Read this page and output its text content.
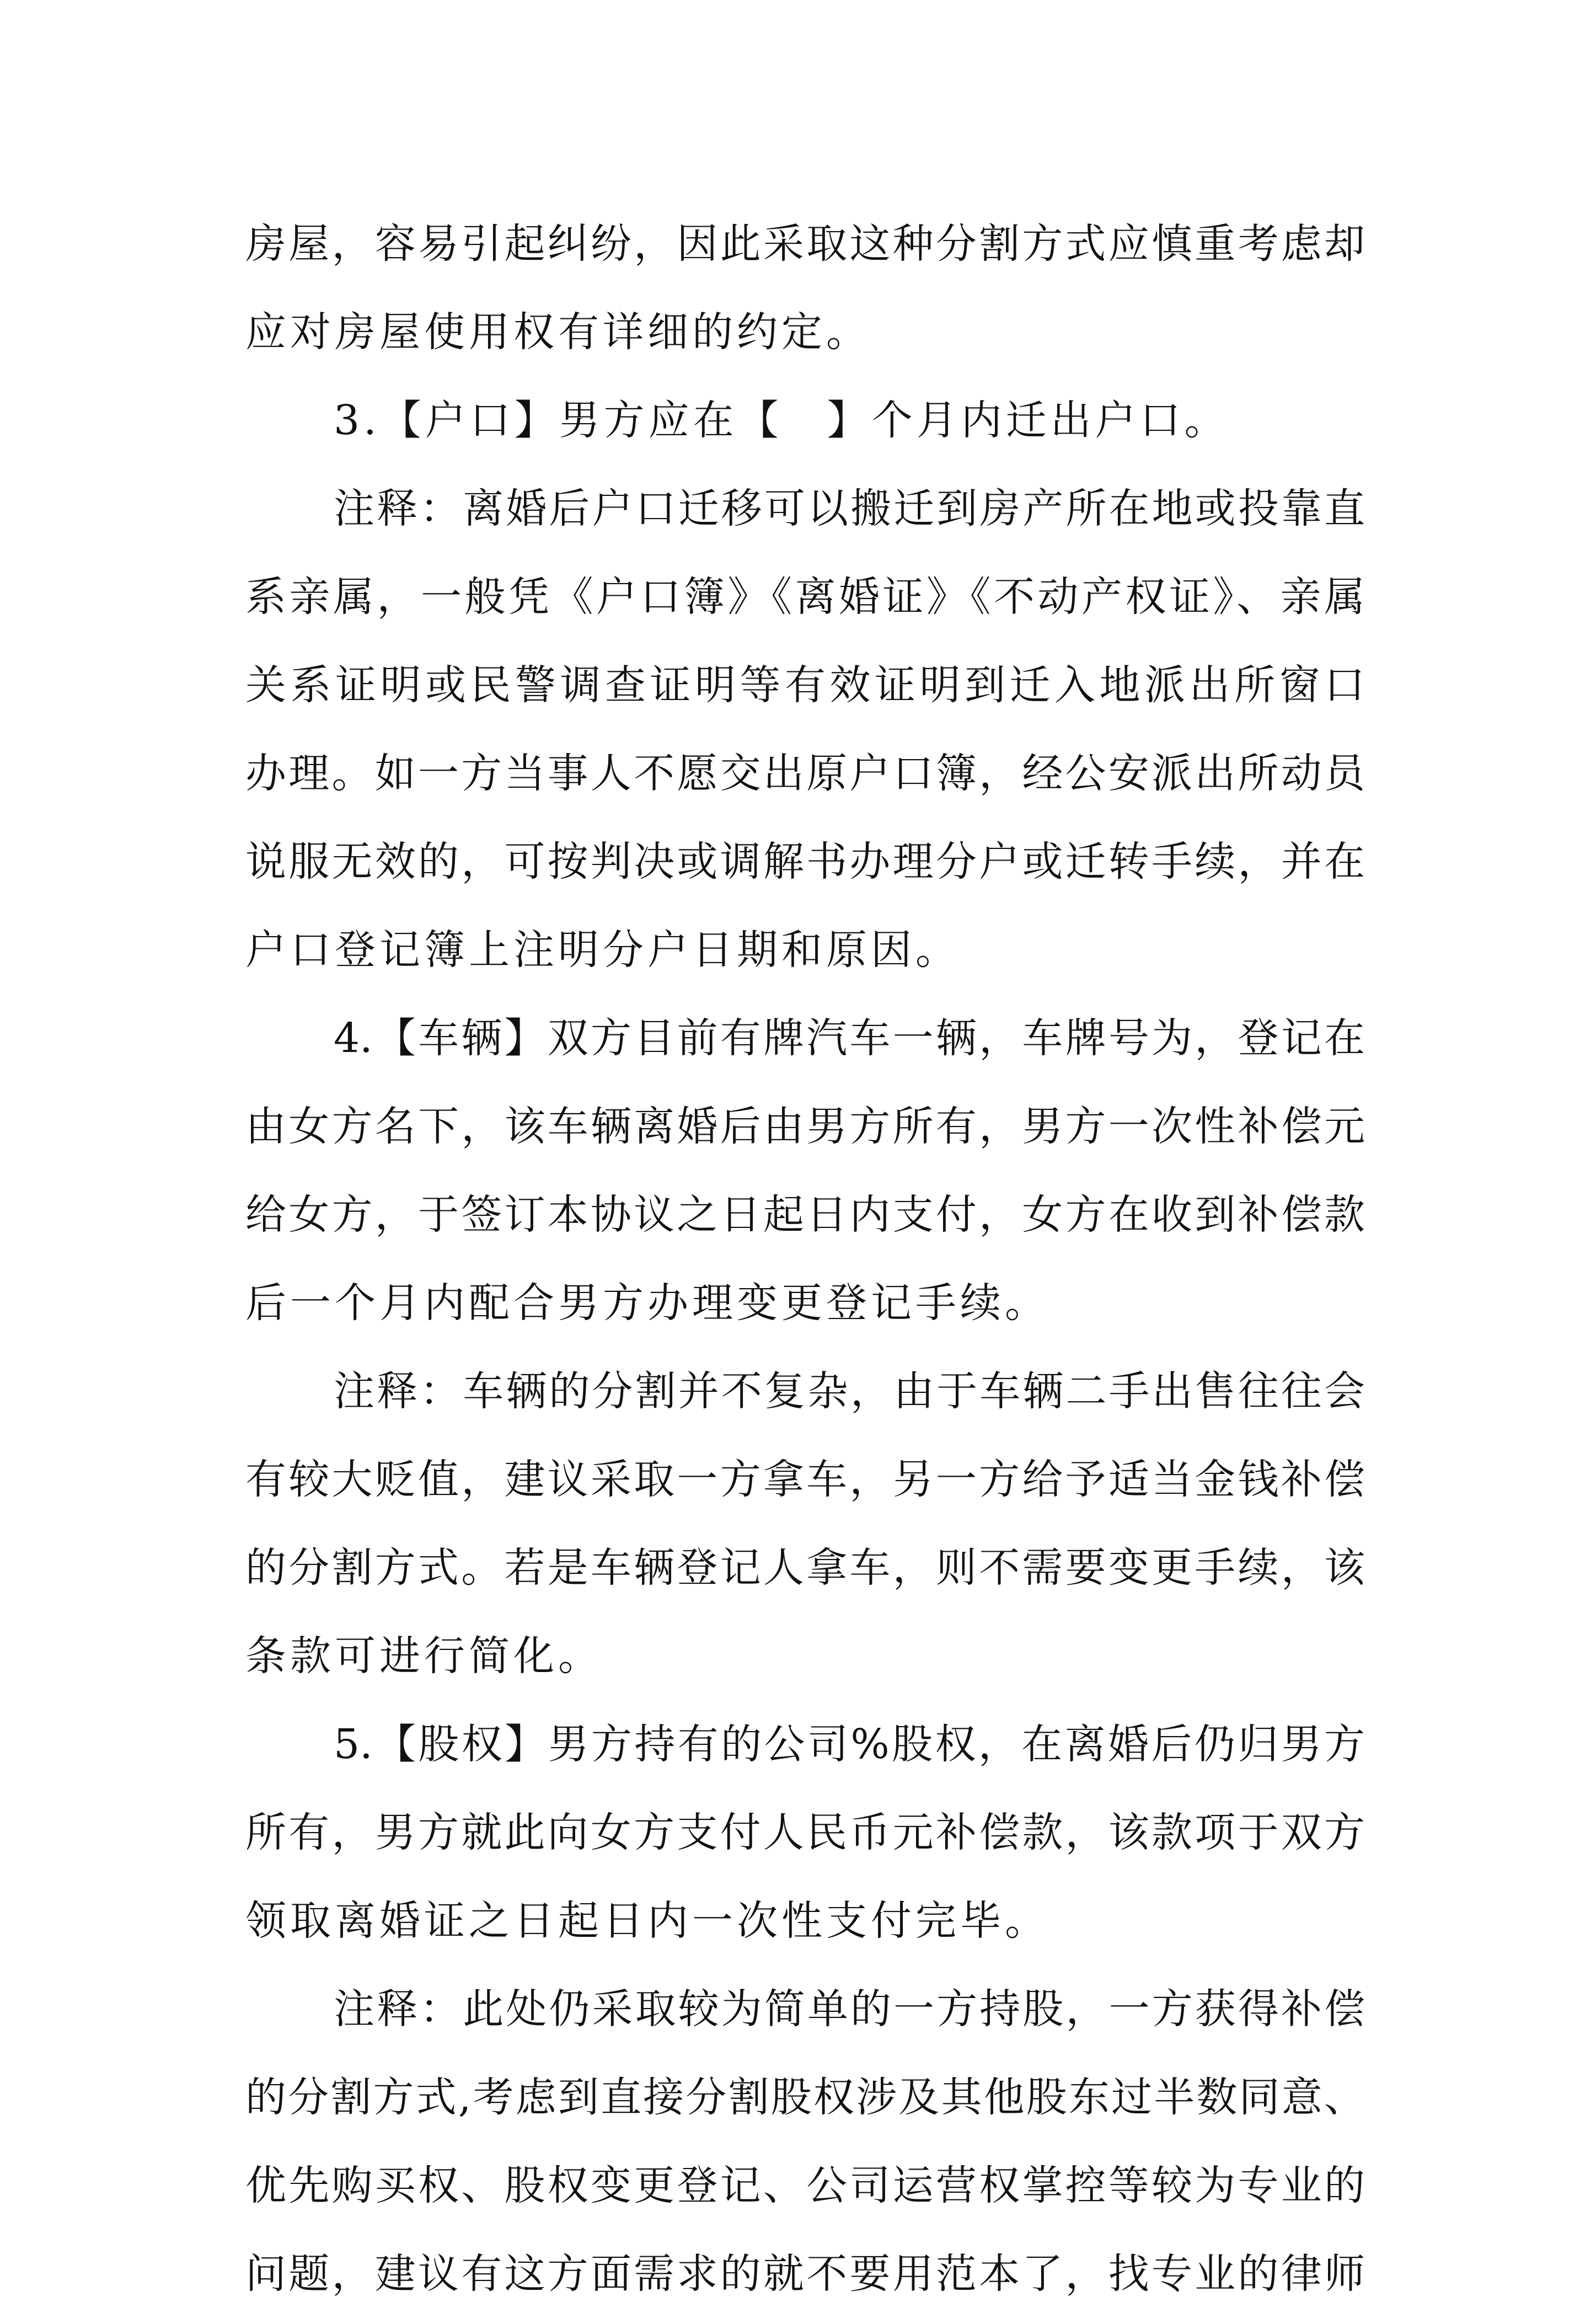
房屋，容易引起纠纷，因此采取这种分割方式应慎重考虑却
应对房屋使用权有详细的约定。
3.【户口】男方应在【　】个月内迁出户口。
注释：离婚后户口迁移可以搬迁到房产所在地或投靠直
系亲属，一般凭《户口簿》《离婚证》《不动产权证》、亲属
关系证明或民警调查证明等有效证明到迁入地派出所窗口
办理。如一方当事人不愿交出原户口簿，经公安派出所动员
说服无效的，可按判决或调解书办理分户或迁转手续，并在
户口登记簿上注明分户日期和原因。
4.【车辆】双方目前有牌汽车一辆，车牌号为，登记在
由女方名下，该车辆离婚后由男方所有，男方一次性补偿元
给女方，于签订本协议之日起日内支付，女方在收到补偿款
后一个月内配合男方办理变更登记手续。
注释：车辆的分割并不复杂，由于车辆二手出售往往会
有较大贬值，建议采取一方拿车，另一方给予适当金钱补偿
的分割方式。若是车辆登记人拿车，则不需要变更手续，该
条款可进行简化。
5.【股权】男方持有的公司%股权，在离婚后仍归男方
所有，男方就此向女方支付人民币元补偿款，该款项于双方
领取离婚证之日起日内一次性支付完毕。
注释：此处仍采取较为简单的一方持股，一方获得补偿
的分割方式,考虑到直接分割股权涉及其他股东过半数同意、
优先购买权、股权变更登记、公司运营权掌控等较为专业的
问题，建议有这方面需求的就不要用范本了，找专业的律师
